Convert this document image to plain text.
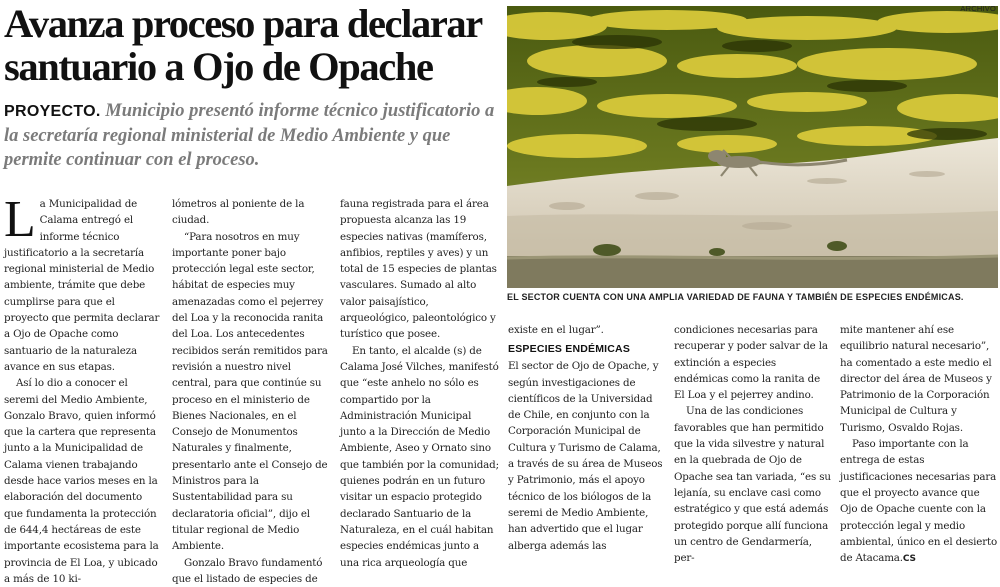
Avanza proceso para declarar santuario a Ojo de Opache

PROYECTO. Municipio presentó informe técnico justificatorio a la secretaría regional ministerial de Medio Ambiente y que permite continuar con el proceso.

ARCHIVO

EL SECTOR CUENTA CON UNA AMPLIA VARIEDAD DE FAUNA Y TAMBIÉN DE ESPECIES ENDÉMICAS.

La Municipalidad de Calama entregó el informe técnico justificatorio a la secretaría regional ministerial de Medio ambiente, trámite que debe cumplirse para que el proyecto que permita declarar a Ojo de Opache como santuario de la naturaleza avance en sus etapas.

Así lo dio a conocer el seremi del Medio Ambiente, Gonzalo Bravo, quien informó que la cartera que representa junto a la Municipalidad de Calama vienen trabajando desde hace varios meses en la elaboración del documento que fundamenta la protección de 644,4 hectáreas de este importante ecosistema para la provincia de El Loa, y ubicado a más de 10 ki-

lómetros al poniente de la ciudad.

“Para nosotros en muy importante poner bajo protección legal este sector, hábitat de especies muy amenazadas como el pejerrey del Loa y la reconocida ranita del Loa. Los antecedentes recibidos serán remitidos para revisión a nuestro nivel central, para que continúe su proceso en el ministerio de Bienes Nacionales, en el Consejo de Monumentos Naturales y finalmente, presentarlo ante el Consejo de Ministros para la Sustentabilidad para su declaratoria oficial”, dijo el titular regional de Medio Ambiente.

Gonzalo Bravo fundamentó que el listado de especies de

fauna registrada para el área propuesta alcanza las 19 especies nativas (mamíferos, anfibios, reptiles y aves) y un total de 15 especies de plantas vasculares. Sumado al alto valor paisajístico, arqueológico, paleontológico y turístico que posee.

En tanto, el alcalde (s) de Calama José Vilches, manifestó que “este anhelo no sólo es compartido por la Administración Municipal junto a la Dirección de Medio Ambiente, Aseo y Ornato sino que también por la comunidad; quienes podrán en un futuro visitar un espacio protegido declarado Santuario de la Naturaleza, en el cuál habitan especies endémicas junto a una rica arqueología que

existe en el lugar”.

ESPECIES ENDÉMICAS

El sector de Ojo de Opache, y según investigaciones de científicos de la Universidad de Chile, en conjunto con la Corporación Municipal de Cultura y Turismo de Calama, a través de su área de Museos y Patrimonio, más el apoyo técnico de los biólogos de la seremi de Medio Ambiente, han advertido que el lugar alberga además las

condiciones necesarias para recuperar y poder salvar de la extinción a especies endémicas como la ranita de El Loa y el pejerrey andino.

Una de las condiciones favorables que han permitido que la vida silvestre y natural en la quebrada de Ojo de Opache sea tan variada, “es su lejanía, su enclave casi como estratégico y que está además protegido porque allí funciona un centro de Gendarmería, per-

mite mantener ahí ese equilibrio natural necesario”, ha comentado a este medio el director del área de Museos y Patrimonio de la Corporación Municipal de Cultura y Turismo, Osvaldo Rojas.

Paso importante con la entrega de estas justificaciones necesarias para que el proyecto avance que Ojo de Opache cuente con la protección legal y medio ambiental, único en el desierto de Atacama.CS
